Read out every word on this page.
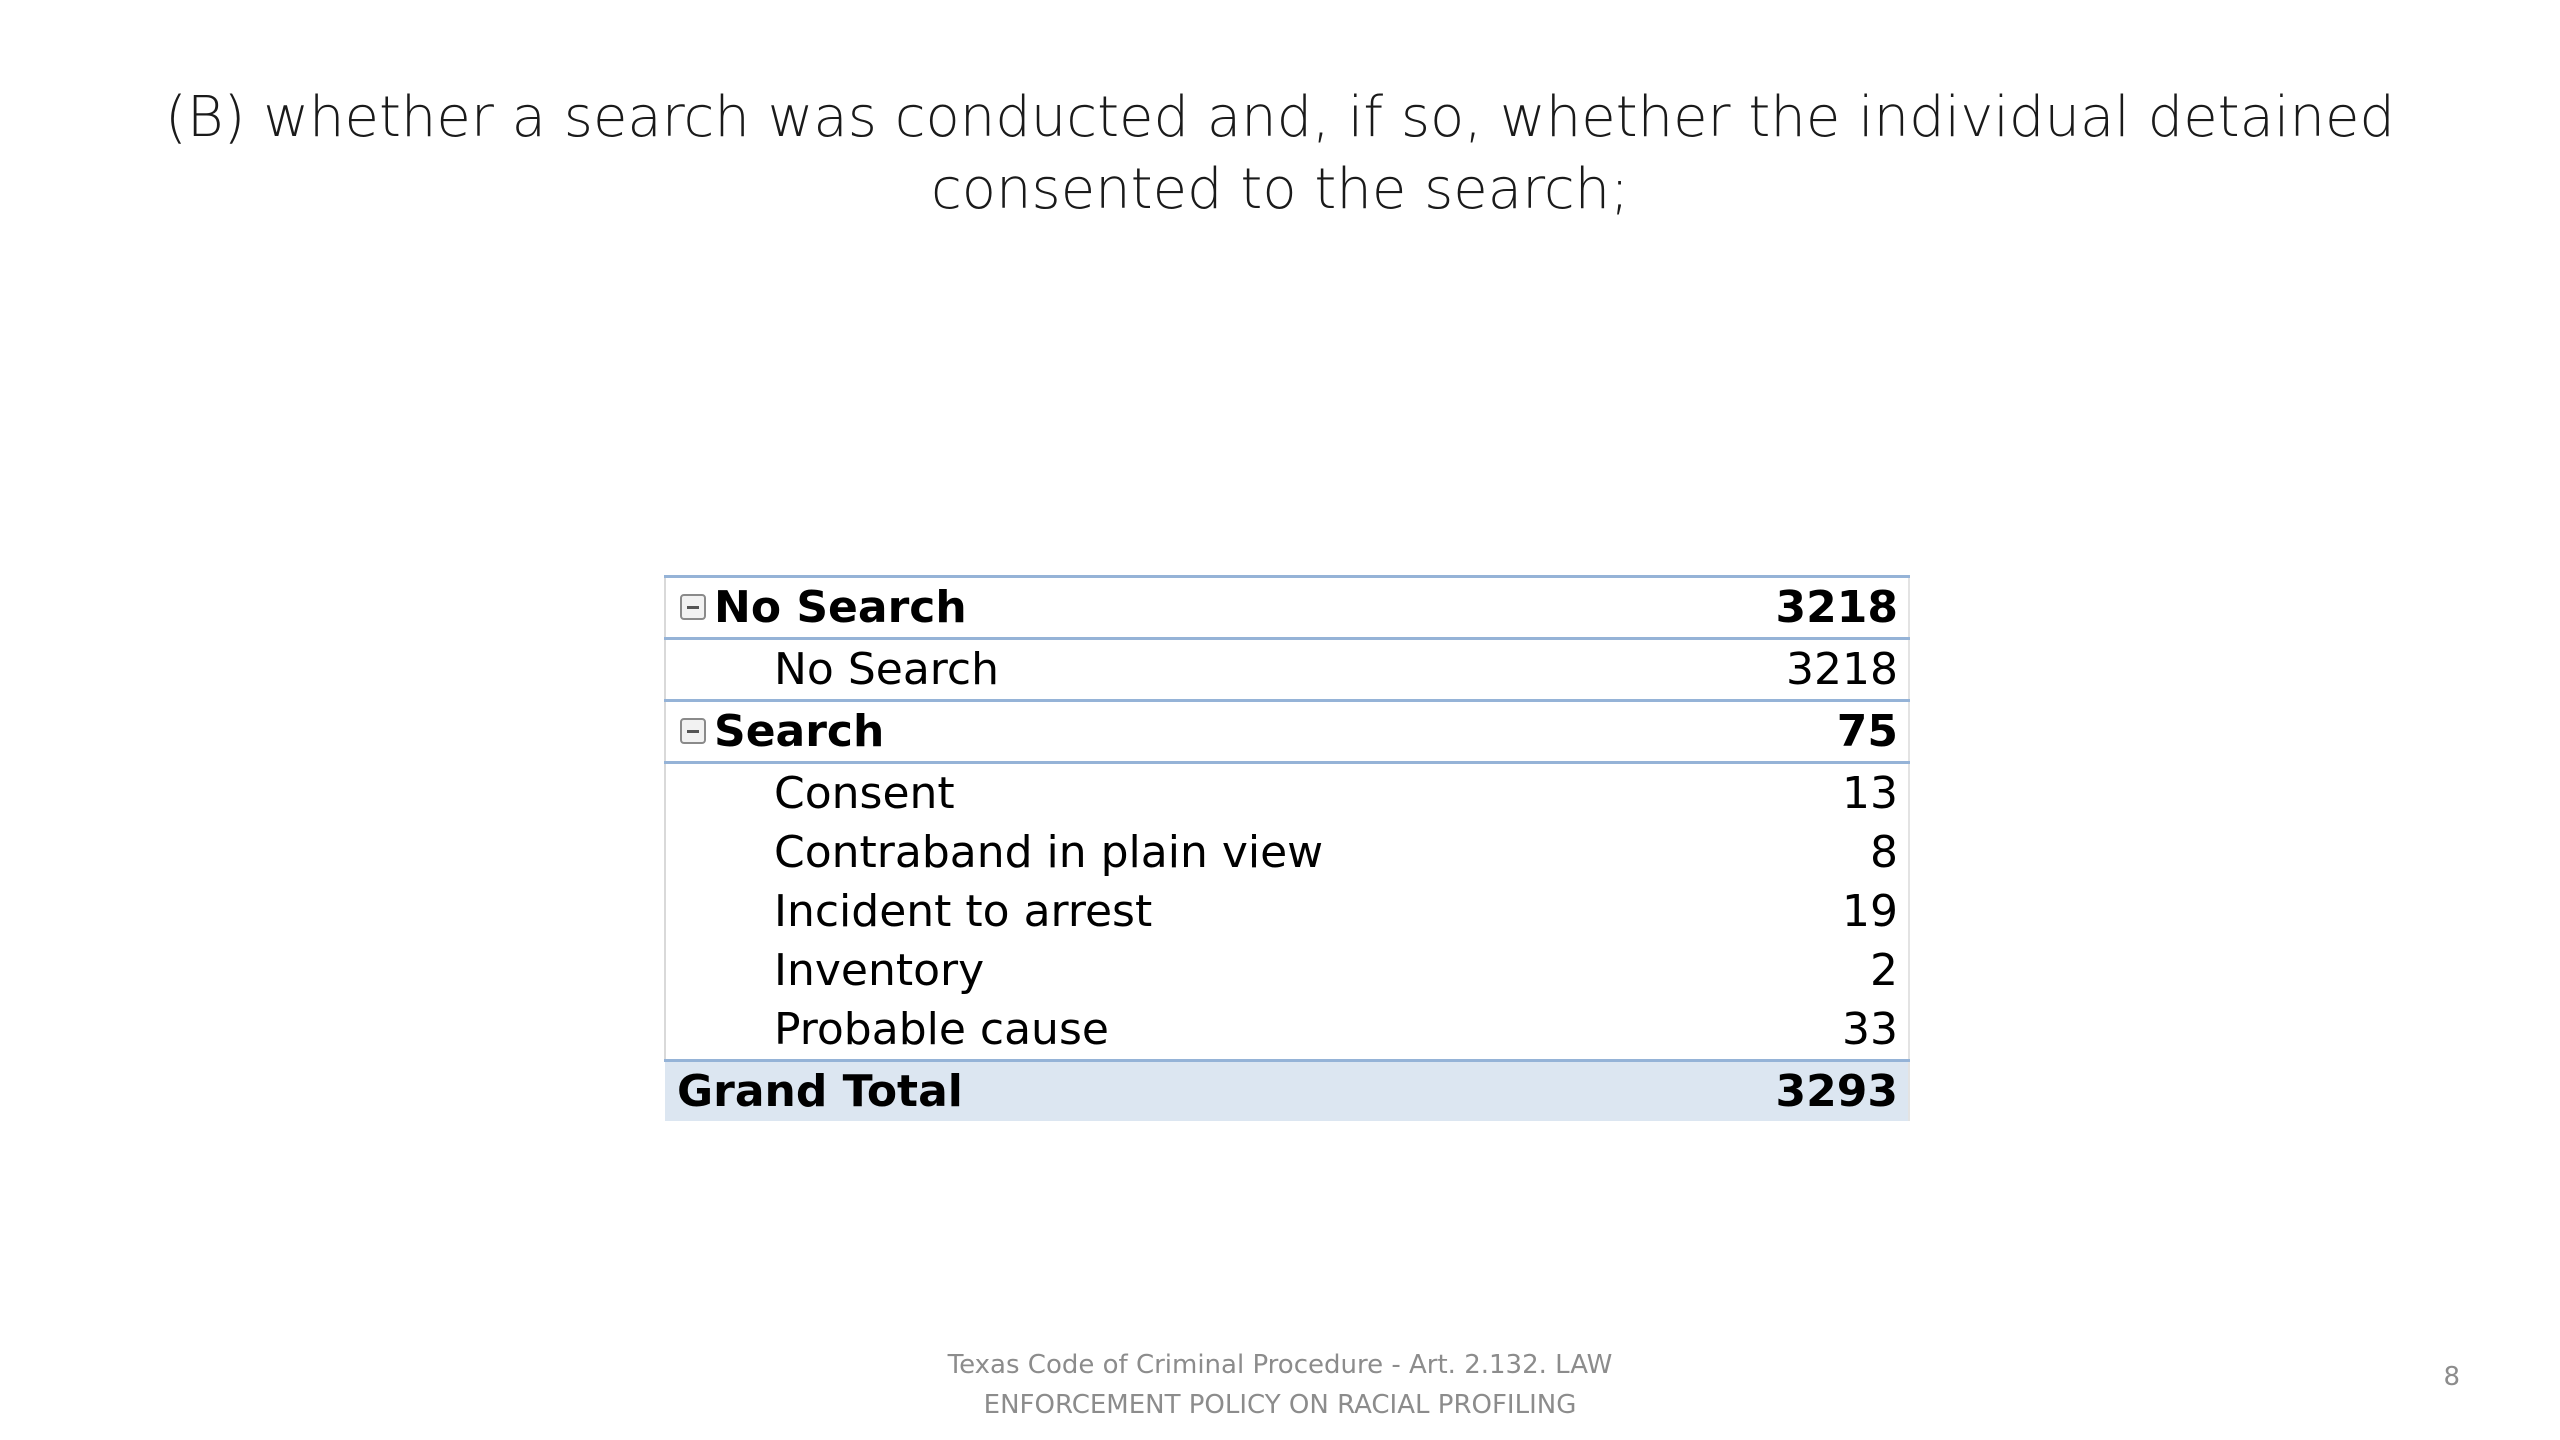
(B) whether a search was conducted and, if so, whether the individual detained
consented to the search;
No Search	3218
No Search	3218
Search	75
Consent	13
Contraband in plain view	8
Incident to arrest	19
Inventory	2
Probable cause	33
Grand Total	3293
Texas Code of Criminal Procedure - Art. 2.132. LAW
ENFORCEMENT POLICY ON RACIAL PROFILING
8
